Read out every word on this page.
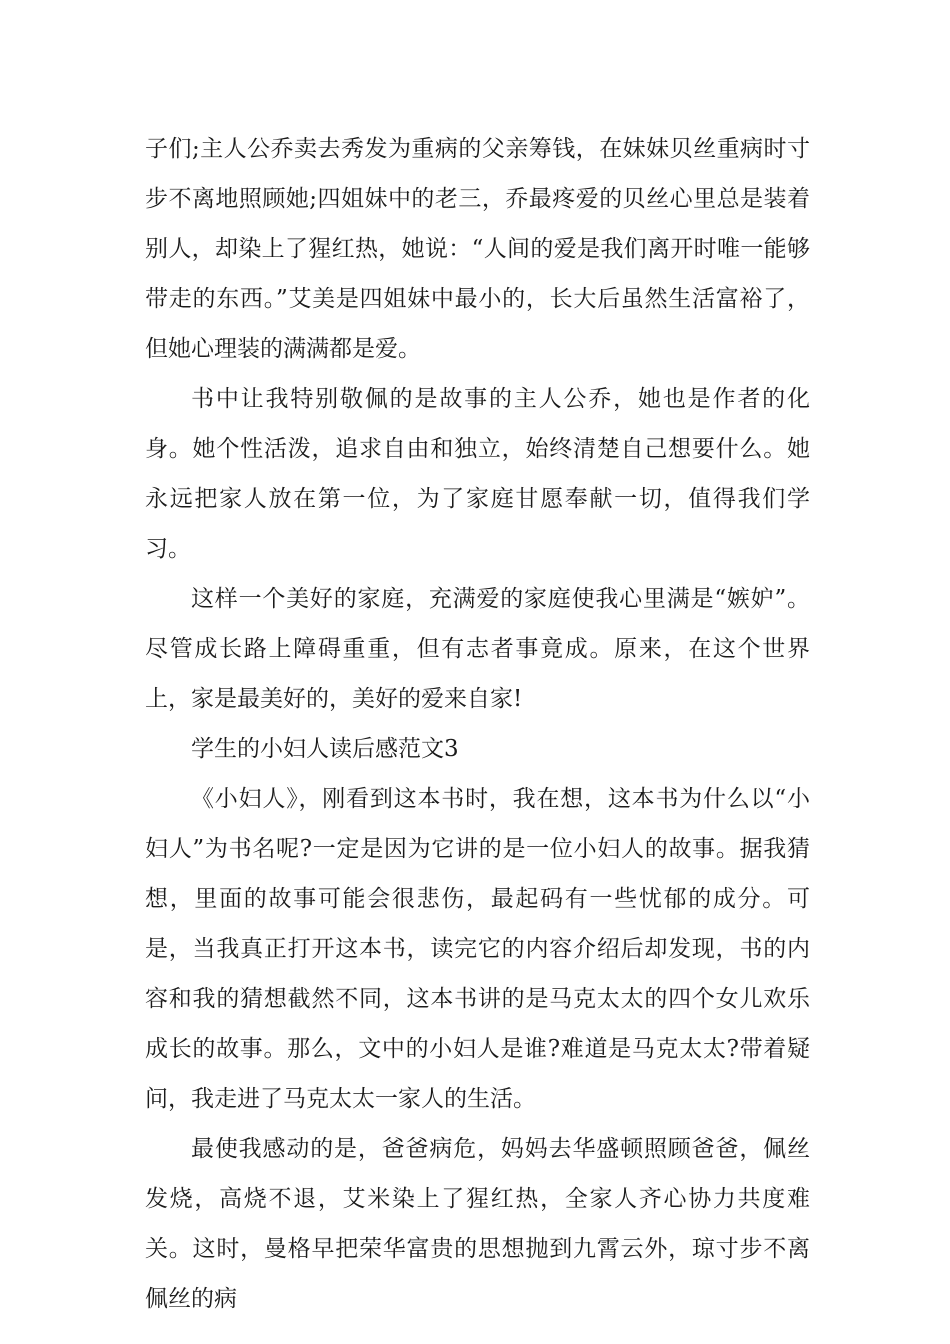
子们;主人公乔卖去秀发为重病的父亲筹钱，在妹妹贝丝重病时寸步不离地照顾她;四姐妹中的老三，乔最疼爱的贝丝心里总是装着别人，却染上了猩红热，她说：“人间的爱是我们离开时唯一能够带走的东西。”艾美是四姐妹中最小的，长大后虽然生活富裕了，但她心理装的满满都是爱。

书中让我特别敬佩的是故事的主人公乔，她也是作者的化身。她个性活泼，追求自由和独立，始终清楚自己想要什么。她永远把家人放在第一位，为了家庭甘愿奉献一切，值得我们学习。

这样一个美好的家庭，充满爱的家庭使我心里满是“嫉妒”。尽管成长路上障碍重重，但有志者事竟成。原来，在这个世界上，家是最美好的，美好的爱来自家!

学生的小妇人读后感范文3

《小妇人》，刚看到这本书时，我在想，这本书为什么以“小妇人”为书名呢?一定是因为它讲的是一位小妇人的故事。据我猜想，里面的故事可能会很悲伤，最起码有一些忧郁的成分。可是，当我真正打开这本书，读完它的内容介绍后却发现，书的内容和我的猜想截然不同，这本书讲的是马克太太的四个女儿欢乐成长的故事。那么，文中的小妇人是谁?难道是马克太太?带着疑问，我走进了马克太太一家人的生活。

最使我感动的是，爸爸病危，妈妈去华盛顿照顾爸爸，佩丝发烧，高烧不退，艾米染上了猩红热，全家人齐心协力共度难关。这时，曼格早把荣华富贵的思想抛到九霄云外，琼寸步不离佩丝的病
